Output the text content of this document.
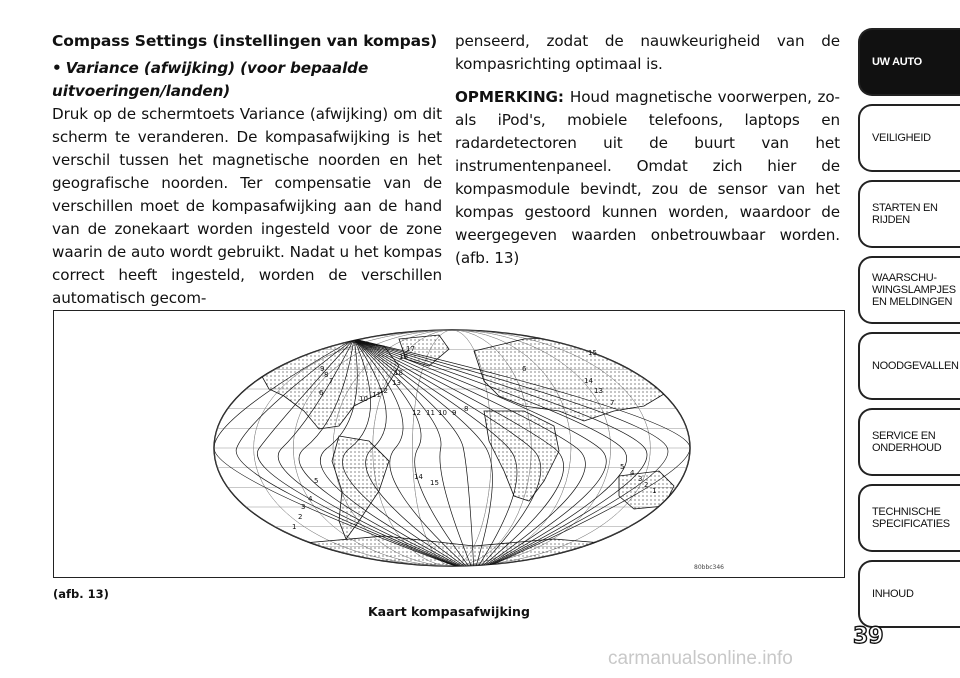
Compass Settings (instellingen van kompas)
• Variance (afwijking) (voor bepaalde uitvoeringen/landen)

Druk op de schermtoets Variance (afwijking) om dit scherm te veranderen. De kompasafwijking is het verschil tussen het magnetische noorden en het geografische noorden. Ter compensatie van de verschillen moet de kompasafwijking aan de hand van de zonekaart worden ingesteld voor de zone waarin de auto wordt gebruikt. Nadat u het kompas correct heeft ingesteld, worden de verschillen automatisch gecom-

penseerd, zodat de nauwkeurigheid van de kompasrichting optimaal is.

OPMERKING: Houd magnetische voorwerpen, zoals iPod's, mobiele telefoons, laptops en radardetectoren uit de buurt van het instrumentenpaneel. Omdat zich hier de kompasmodule bevindt, zou de sensor van het kompas gestoord kunnen worden, waardoor de weergegeven waarden onbetrouwbaar worden. (afb. 13)

1
2
3
4
5
6
7
8
9
10 11
12
13
14
15
16
17
18
1
2
3
4
5
6
7
8
9
10
11
12
13
14
15
80bbc346
(afb. 13)
Kaart kompasafwijking
UW AUTO
VEILIGHEID
STARTEN EN
RIJDEN
WAARSCHU-
WINGSLAMPJES
EN MELDINGEN
NOODGEVALLEN
SERVICE EN
ONDERHOUD
TECHNISCHE
SPECIFICATIES
INHOUD
39
carmanualsonline.info
